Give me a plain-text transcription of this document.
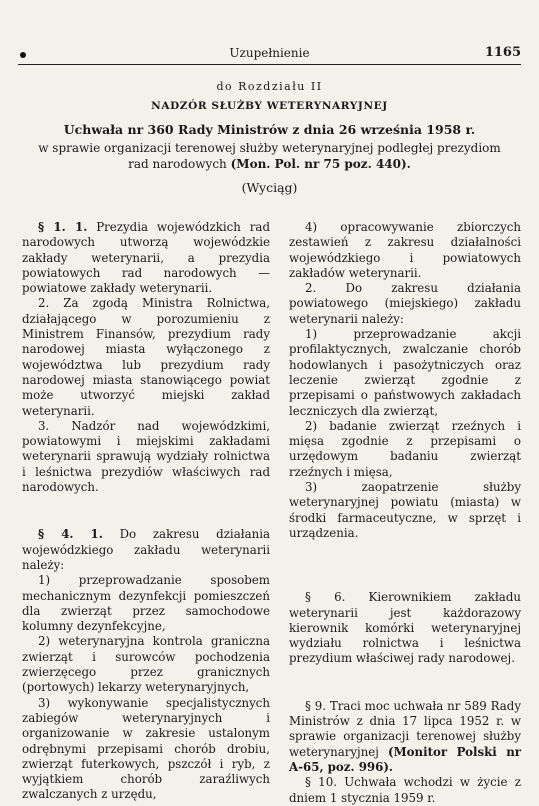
Uzupełnienie	1165
do Rozdziału II
NADZÓR SŁUŻBY WETERYNARYJNEJ
Uchwała nr 360 Rady Ministrów z dnia 26 września 1958 r.
w sprawie organizacji terenowej służby weterynaryjnej podległej prezydiom rad narodowych (Mon. Pol. nr 75 poz. 440).
(Wyciąg)

§ 1. 1. Prezydia wojewódzkich rad narodowych utworzą wojewódzkie zakłady weterynarii, a prezydia powiatowych rad narodowych — powiatowe zakłady weterynarii.

2. Za zgodą Ministra Rolnictwa, działającego w porozumieniu z Ministrem Finansów, prezydium rady narodowej miasta wyłączonego z województwa lub prezydium rady narodowej miasta stanowiącego powiat może utworzyć miejski zakład weterynarii.

3. Nadzór nad wojewódzkimi, powiatowymi i miejskimi zakładami weterynarii sprawują wydziały rolnictwa i leśnictwa prezydiów właściwych rad narodowych.

§ 4. 1. Do zakresu działania wojewódzkiego zakładu weterynarii należy:

1) przeprowadzanie sposobem mechanicznym dezynfekcji pomieszczeń dla zwierząt przez samochodowe kolumny dezynfekcyjne,

2) weterynaryjna kontrola graniczna zwierząt i surowców pochodzenia zwierzęcego przez granicznych (portowych) lekarzy weterynaryjnych,

3) wykonywanie specjalistycznych zabiegów weterynaryjnych i organizowanie w zakresie ustalonym odrębnymi przepisami chorób drobiu, zwierząt futerkowych, pszczół i ryb, z wyjątkiem chorób zaraźliwych zwalczanych z urzędu,

4) opracowywanie zbiorczych zestawień z zakresu działalności wojewódzkiego i powiatowych zakładów weterynarii.

2. Do zakresu działania powiatowego (miejskiego) zakładu weterynarii należy:

1) przeprowadzanie akcji profilaktycznych, zwalczanie chorób hodowlanych i pasożytniczych oraz leczenie zwierząt zgodnie z przepisami o państwowych zakładach leczniczych dla zwierząt,

2) badanie zwierząt rzeźnych i mięsa zgodnie z przepisami o urzędowym badaniu zwierząt rzeźnych i mięsa,

3) zaopatrzenie służby weterynaryjnej powiatu (miasta) w środki farmaceutyczne, w sprzęt i urządzenia.

§ 6. Kierownikiem zakładu weterynarii jest każdorazowy kierownik komórki weterynaryjnej wydziału rolnictwa i leśnictwa prezydium właściwej rady narodowej.

§ 9. Traci moc uchwała nr 589 Rady Ministrów z dnia 17 lipca 1952 r. w sprawie organizacji terenowej służby weterynaryjnej (Monitor Polski nr A-65, poz. 996).

§ 10. Uchwała wchodzi w życie z dniem 1 stycznia 1959 r.
